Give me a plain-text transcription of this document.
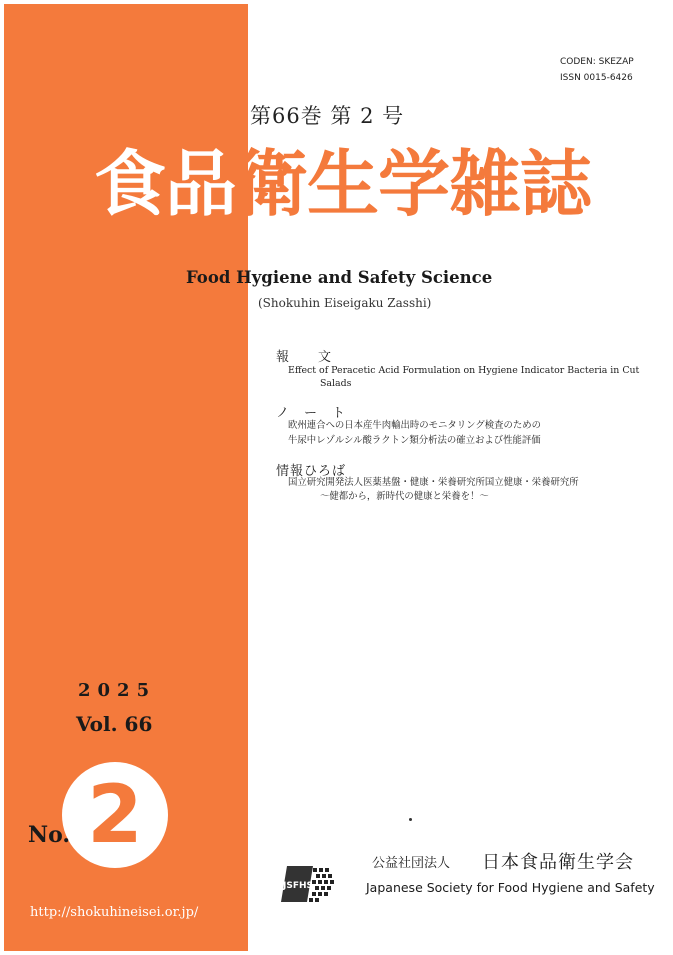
CODEN: SKEZAP
ISSN 0015-6426
第66巻 第 2 号
食品衛生学雑誌
Food Hygiene and Safety Science
(Shokuhin Eiseigaku Zasshi)
報　　文
Effect of Peracetic Acid Formulation on Hygiene Indicator Bacteria in Cut
Salads
ノ　ー　ト
欧州連合への日本産牛肉輸出時のモニタリング検査のための
牛尿中レゾルシル酸ラクトン類分析法の確立および性能評価
情報ひろば
国立研究開発法人医薬基盤・健康・栄養研究所国立健康・栄養研究所
〜健都から，新時代の健康と栄養を！〜
2025
Vol. 66
2
No.
http://shokuhineisei.or.jp/
JSFHS
公益社団法人 日本食品衛生学会
Japanese Society for Food Hygiene and Safety
